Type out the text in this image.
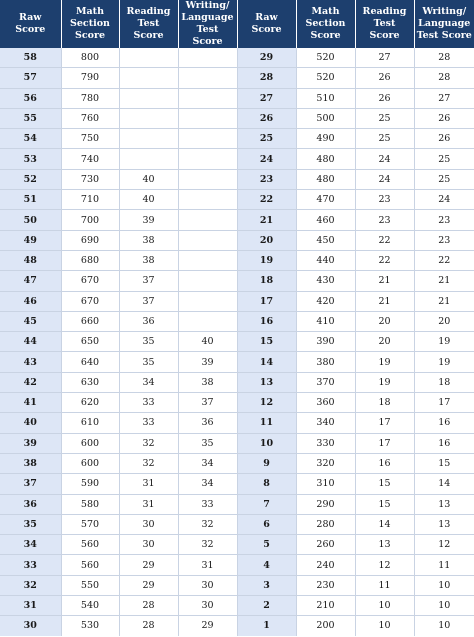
Raw
Score	Math
Section
Score	Reading
Test
Score	Writing/
Language
Test Score	Raw
Score	Math
Section
Score	Reading
Test
Score	Writing/
Language
Test Score

58	800			29	520	27	28
57	790			28	520	26	28
56	780			27	510	26	27
55	760			26	500	25	26
54	750			25	490	25	26
53	740			24	480	24	25
52	730	40		23	480	24	25
51	710	40		22	470	23	24
50	700	39		21	460	23	23
49	690	38		20	450	22	23
48	680	38		19	440	22	22
47	670	37		18	430	21	21
46	670	37		17	420	21	21
45	660	36		16	410	20	20
44	650	35	40	15	390	20	19
43	640	35	39	14	380	19	19
42	630	34	38	13	370	19	18
41	620	33	37	12	360	18	17
40	610	33	36	11	340	17	16
39	600	32	35	10	330	17	16
38	600	32	34	9	320	16	15
37	590	31	34	8	310	15	14
36	580	31	33	7	290	15	13
35	570	30	32	6	280	14	13
34	560	30	32	5	260	13	12
33	560	29	31	4	240	12	11
32	550	29	30	3	230	11	10
31	540	28	30	2	210	10	10
30	530	28	29	1	200	10	10
